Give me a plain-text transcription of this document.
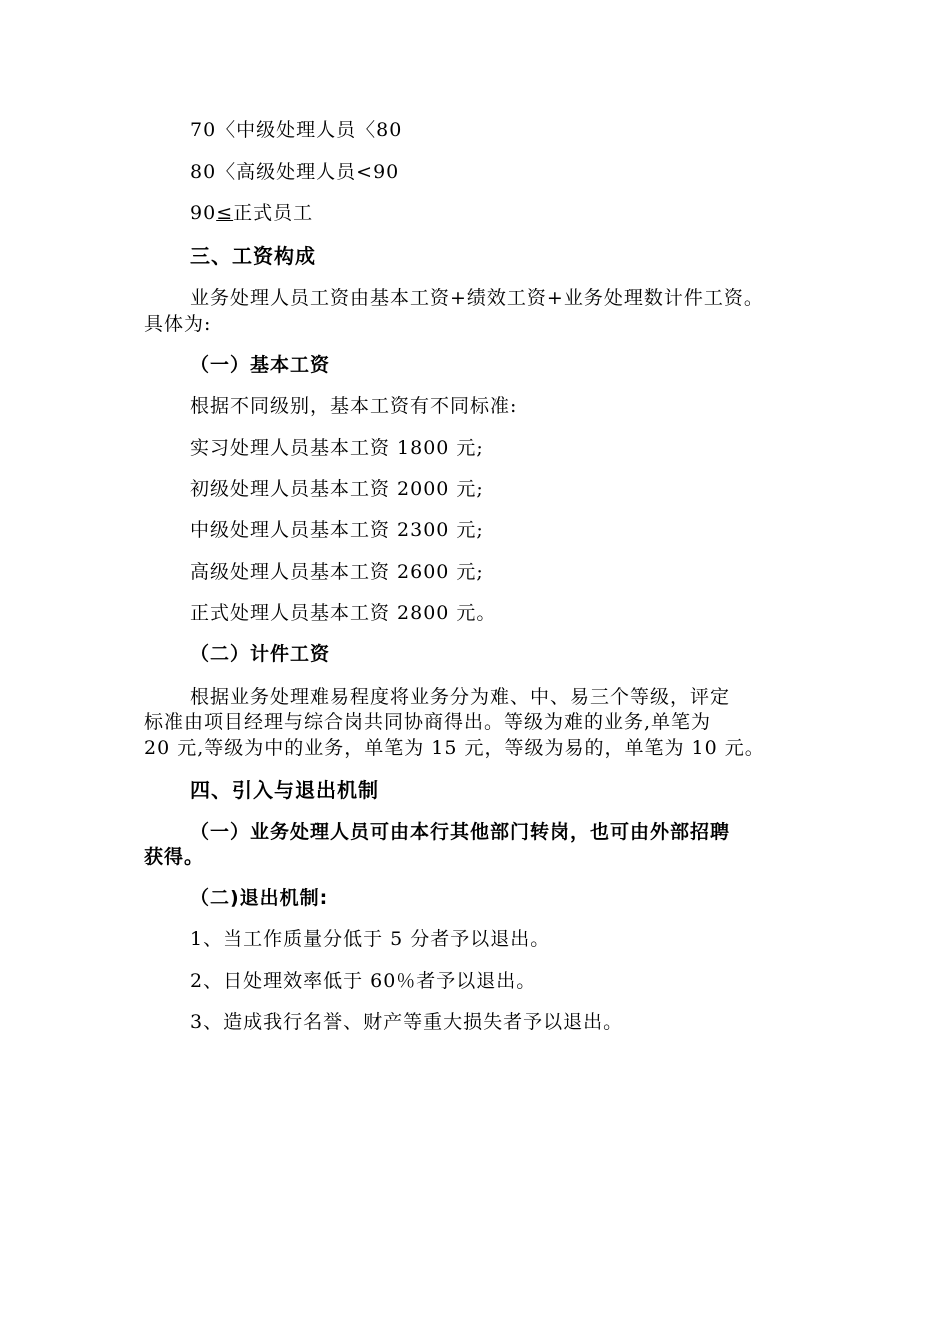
70〈中级处理人员〈80
80〈高级处理人员<90
90≤正式员工
三、工资构成
业务处理人员工资由基本工资+绩效工资+业务处理数计件工资。
具体为:
（一）基本工资
根据不同级别，基本工资有不同标准:
实习处理人员基本工资 1800 元;
初级处理人员基本工资 2000 元;
中级处理人员基本工资 2300 元;
高级处理人员基本工资 2600 元;
正式处理人员基本工资 2800 元。
（二）计件工资
根据业务处理难易程度将业务分为难、中、易三个等级，评定
标准由项目经理与综合岗共同协商得出。等级为难的业务,单笔为
20 元,等级为中的业务，单笔为 15 元，等级为易的，单笔为 10 元。
四、引入与退出机制
（一）业务处理人员可由本行其他部门转岗，也可由外部招聘
获得。
（二)退出机制:
1、当工作质量分低于 5 分者予以退出。
2、日处理效率低于 60％者予以退出。
3、造成我行名誉、财产等重大损失者予以退出。
